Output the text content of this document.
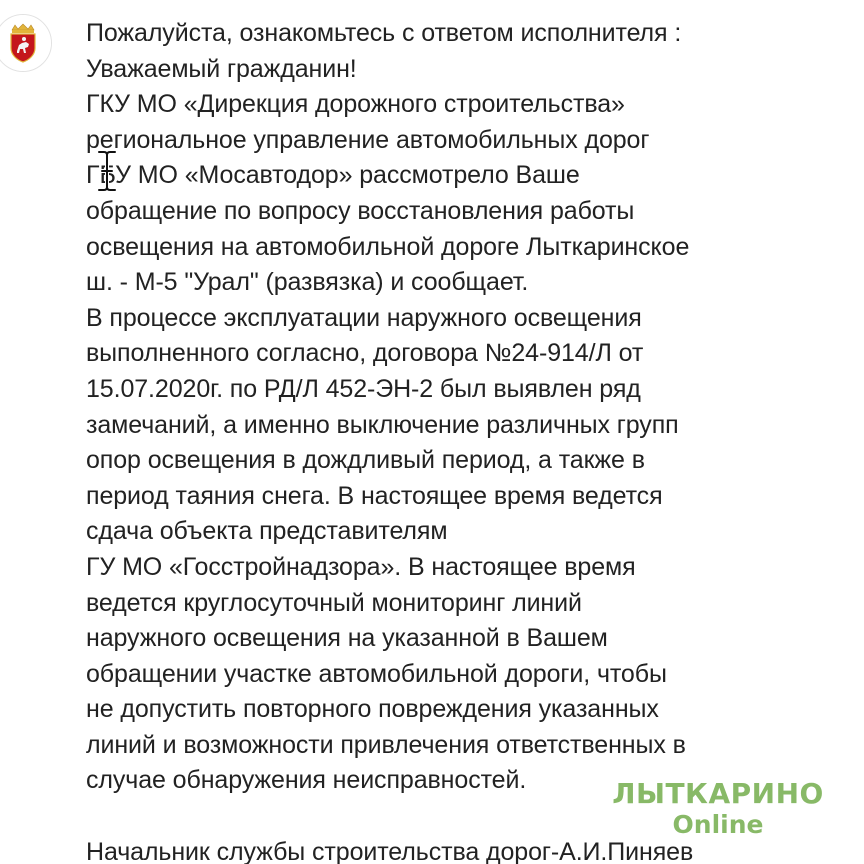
Пожалуйста, ознакомьтесь с ответом исполнителя :
Уважаемый гражданин!
ГКУ МО «Дирекция дорожного строительства»
региональное управление автомобильных дорог
ГБУ МО «Мосавтодор» рассмотрело Ваше
обращение по вопросу восстановления работы
освещения на автомобильной дороге Лыткаринское
ш. - М-5 "Урал" (развязка) и сообщает.
В процессе эксплуатации наружного освещения
выполненного согласно, договора №24-914/Л от
15.07.2020г. по РД/Л 452-ЭН-2 был выявлен ряд
замечаний, а именно выключение различных групп
опор освещения в дождливый период, а также в
период таяния снега. В настоящее время ведется
сдача объекта представителям
ГУ МО «Госстройнадзора». В настоящее время
ведется круглосуточный мониторинг линий
наружного освещения на указанной в Вашем
обращении участке автомобильной дороги, чтобы
не допустить повторного повреждения указанных
линий и возможности привлечения ответственных в
случае обнаружения неисправностей.
Начальник службы строительства дорог-А.И.Пиняев
ЛЫТКАРИНО
Online
